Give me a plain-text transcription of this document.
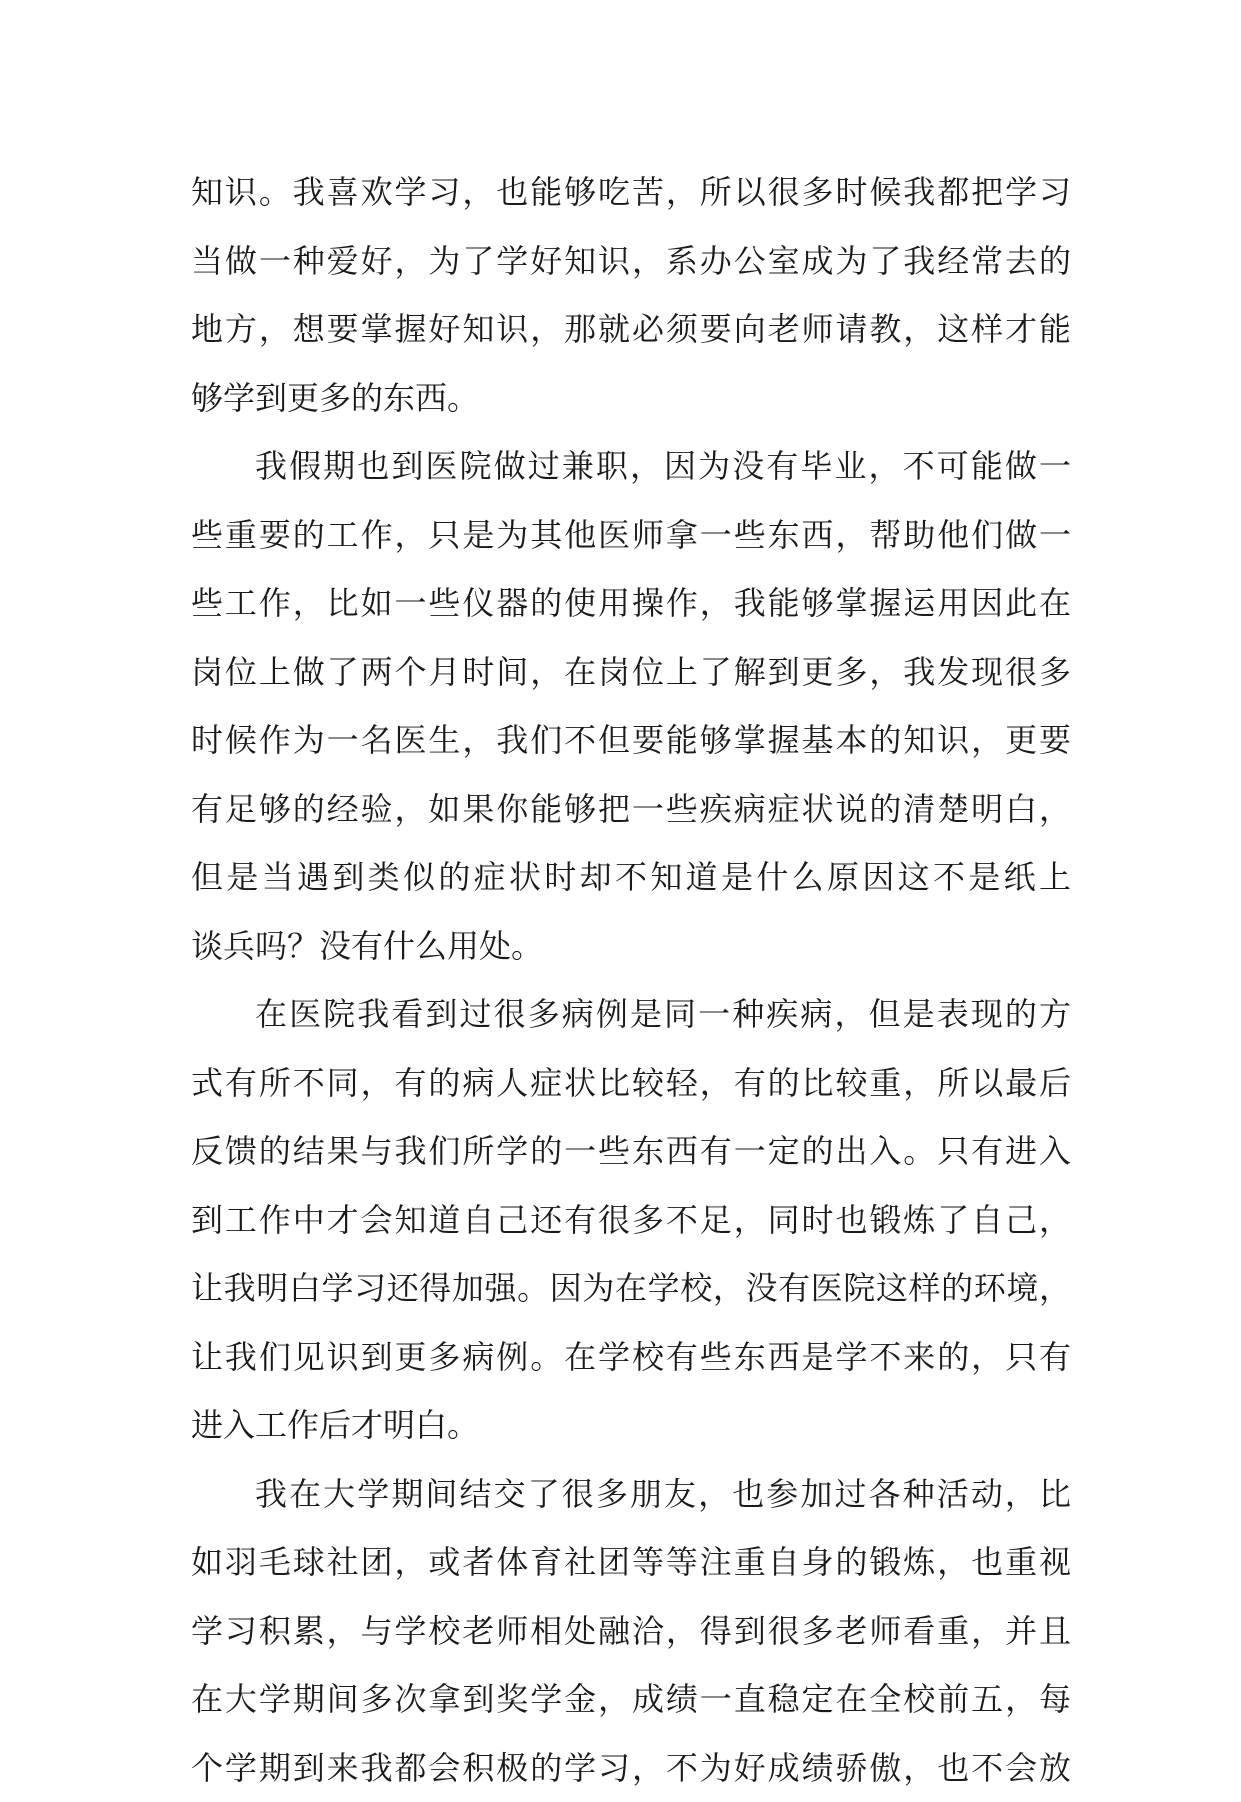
知识。我喜欢学习，也能够吃苦，所以很多时候我都把学习
当做一种爱好，为了学好知识，系办公室成为了我经常去的
地方，想要掌握好知识，那就必须要向老师请教，这样才能
够学到更多的东西。
我假期也到医院做过兼职，因为没有毕业，不可能做一
些重要的工作，只是为其他医师拿一些东西，帮助他们做一
些工作，比如一些仪器的使用操作，我能够掌握运用因此在
岗位上做了两个月时间，在岗位上了解到更多，我发现很多
时候作为一名医生，我们不但要能够掌握基本的知识，更要
有足够的经验，如果你能够把一些疾病症状说的清楚明白，
但是当遇到类似的症状时却不知道是什么原因这不是纸上
谈兵吗？没有什么用处。
在医院我看到过很多病例是同一种疾病，但是表现的方
式有所不同，有的病人症状比较轻，有的比较重，所以最后
反馈的结果与我们所学的一些东西有一定的出入。只有进入
到工作中才会知道自己还有很多不足，同时也锻炼了自己，
让我明白学习还得加强。因为在学校，没有医院这样的环境，
让我们见识到更多病例。在学校有些东西是学不来的，只有
进入工作后才明白。
我在大学期间结交了很多朋友，也参加过各种活动，比
如羽毛球社团，或者体育社团等等注重自身的锻炼，也重视
学习积累，与学校老师相处融洽，得到很多老师看重，并且
在大学期间多次拿到奖学金，成绩一直稳定在全校前五，每
个学期到来我都会积极的学习，不为好成绩骄傲，也不会放
